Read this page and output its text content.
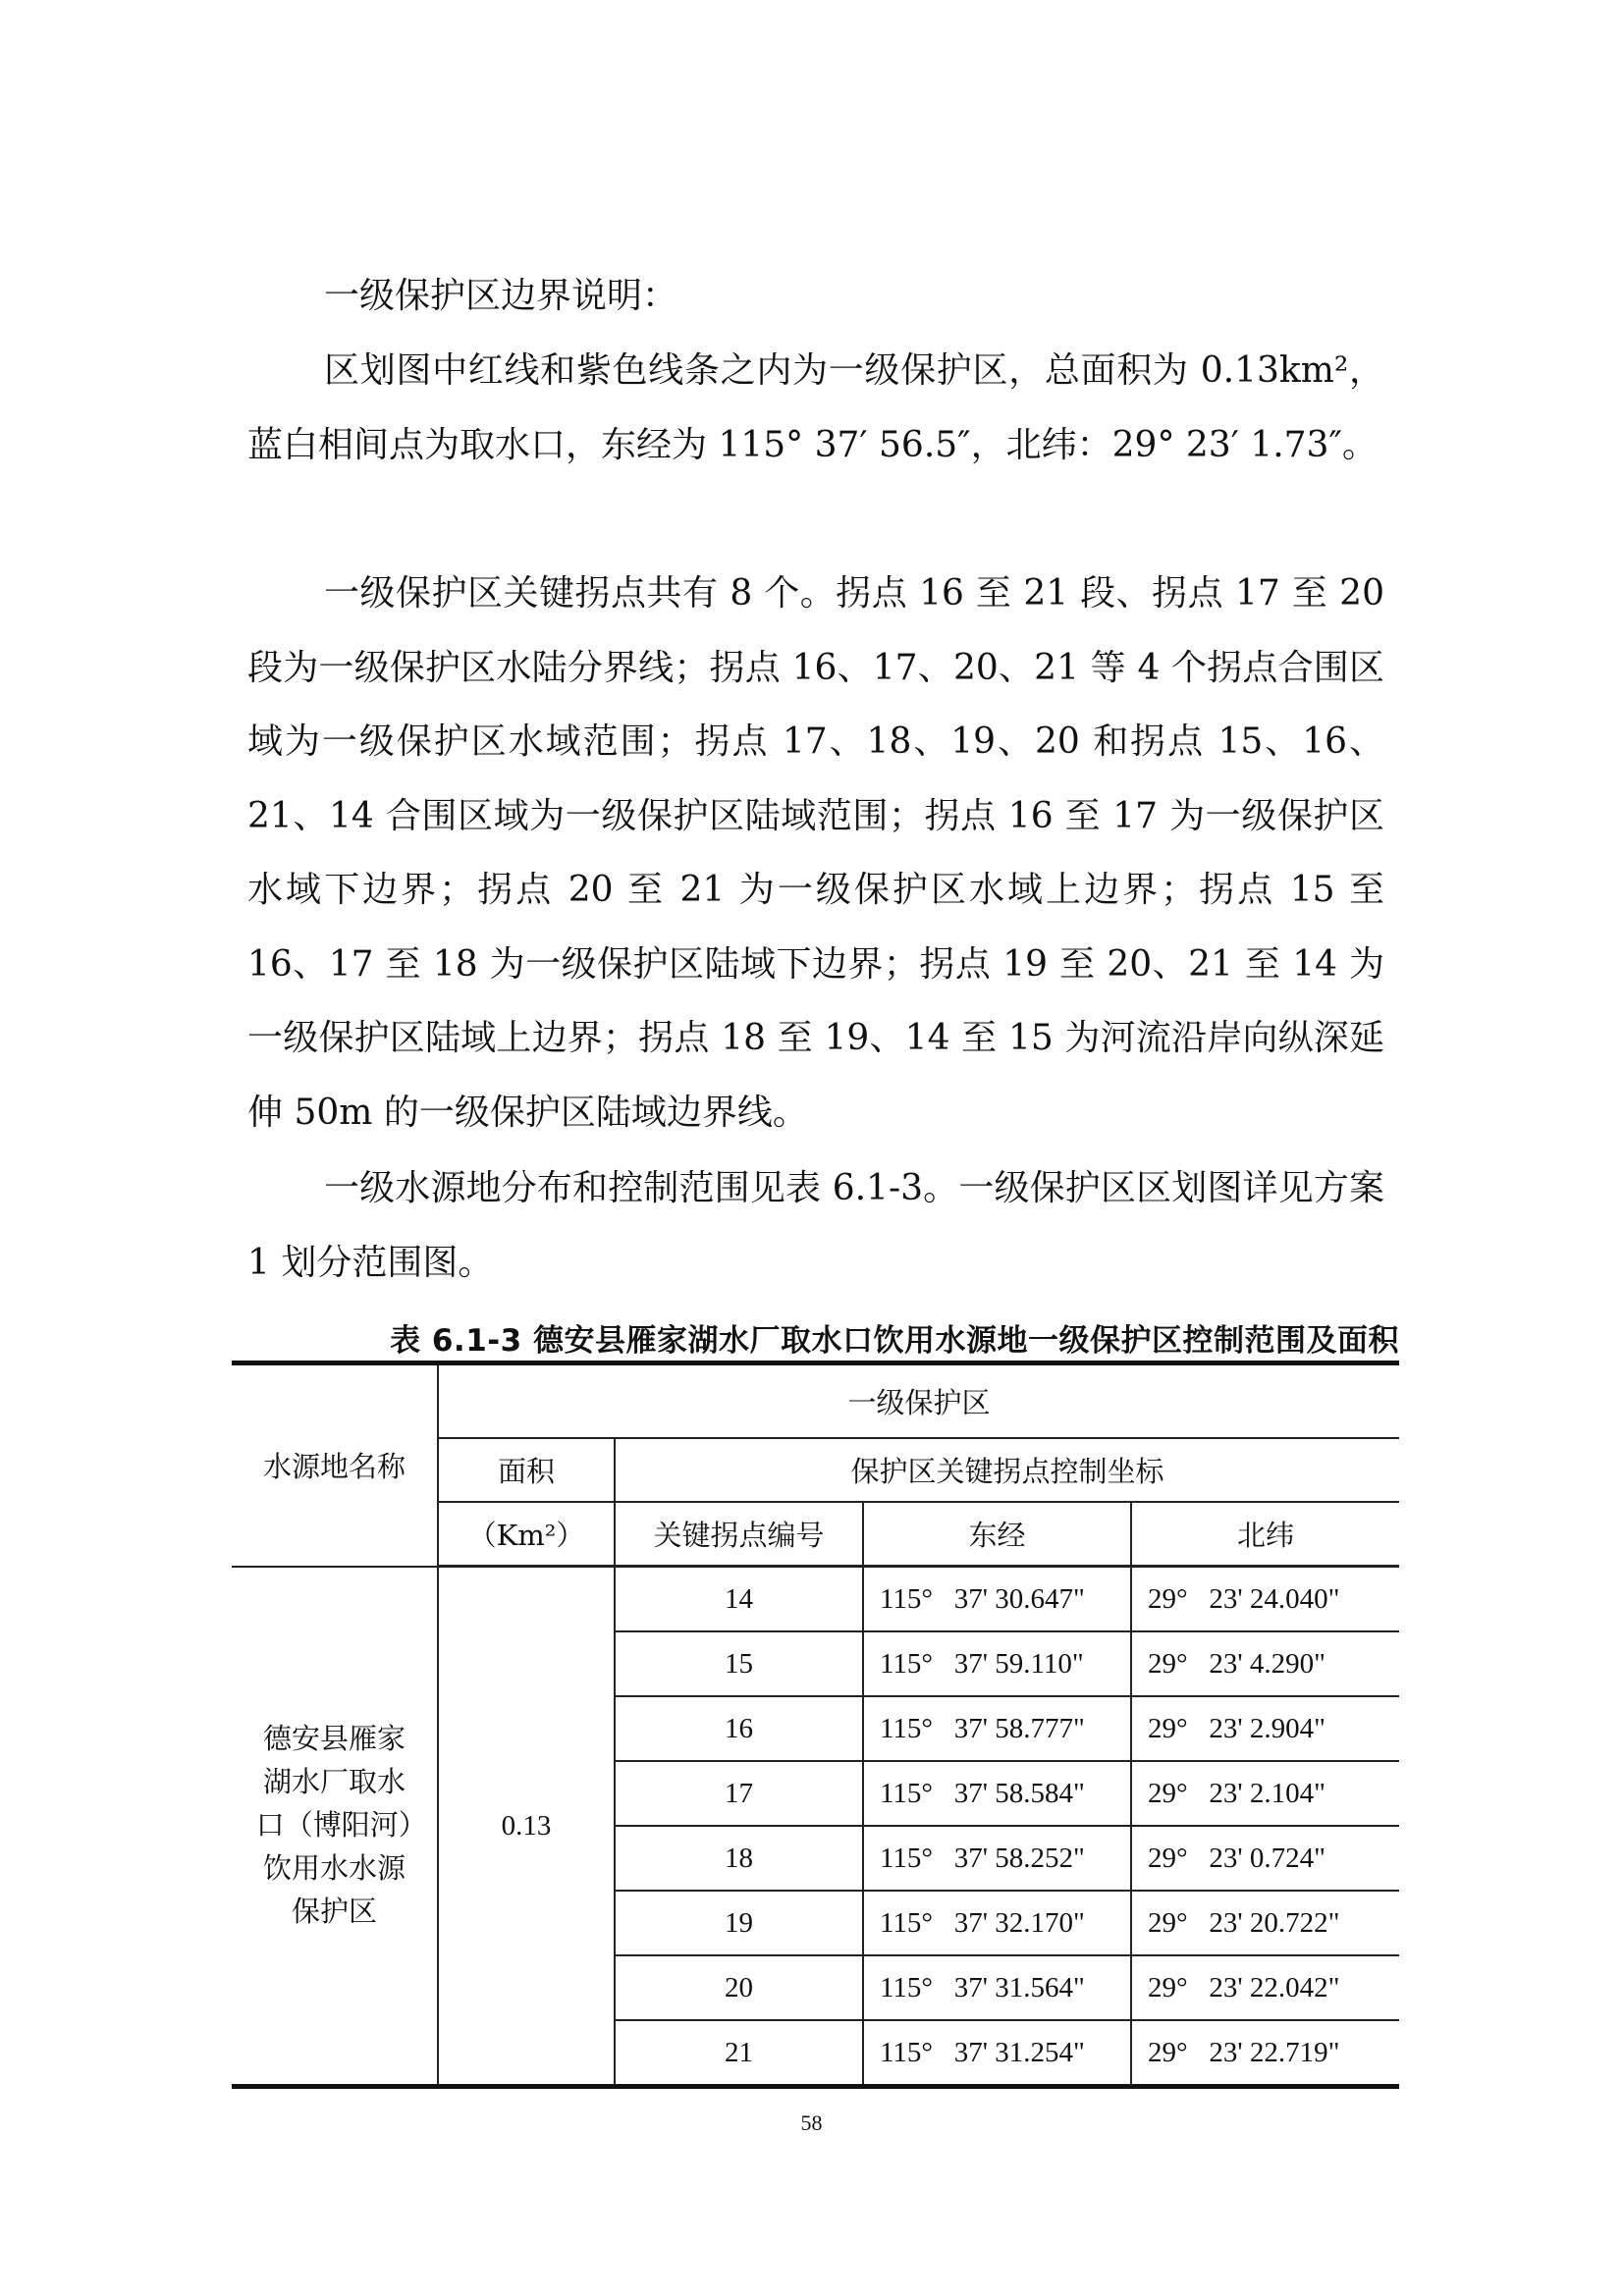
一级保护区边界说明：
区划图中红线和紫色线条之内为一级保护区，总面积为 0.13km²，蓝白相间点为取水口，东经为 115° 37′ 56.5″，北纬：29° 23′ 1.73″。
一级保护区关键拐点共有 8 个。拐点 16 至 21 段、拐点 17 至 20 段为一级保护区水陆分界线；拐点 16、17、20、21 等 4 个拐点合围区域为一级保护区水域范围；拐点 17、18、19、20 和拐点 15、16、21、14 合围区域为一级保护区陆域范围；拐点 16 至 17 为一级保护区水域下边界；拐点 20 至 21 为一级保护区水域上边界；拐点 15 至 16、17 至 18 为一级保护区陆域下边界；拐点 19 至 20、21 至 14 为一级保护区陆域上边界；拐点 18 至 19、14 至 15 为河流沿岸向纵深延伸 50m 的一级保护区陆域边界线。
一级水源地分布和控制范围见表 6.1-3。一级保护区区划图详见方案 1 划分范围图。
表 6.1-3 德安县雁家湖水厂取水口饮用水源地一级保护区控制范围及面积
水源地名称	一级保护区			
	面积	保护区关键拐点控制坐标		
	（Km²）	关键拐点编号	东经	北纬
德安县雁家湖水厂取水口（博阳河）饮用水水源保护区	0.13	14	115°   37' 30.647"	29°   23' 24.040"
		15	115°   37' 59.110"	29°   23' 4.290"
		16	115°   37' 58.777"	29°   23' 2.904"
		17	115°   37' 58.584"	29°   23' 2.104"
		18	115°   37' 58.252"	29°   23' 0.724"
		19	115°   37' 32.170"	29°   23' 20.722"
		20	115°   37' 31.564"	29°   23' 22.042"
		21	115°   37' 31.254"	29°   23' 22.719"
58
